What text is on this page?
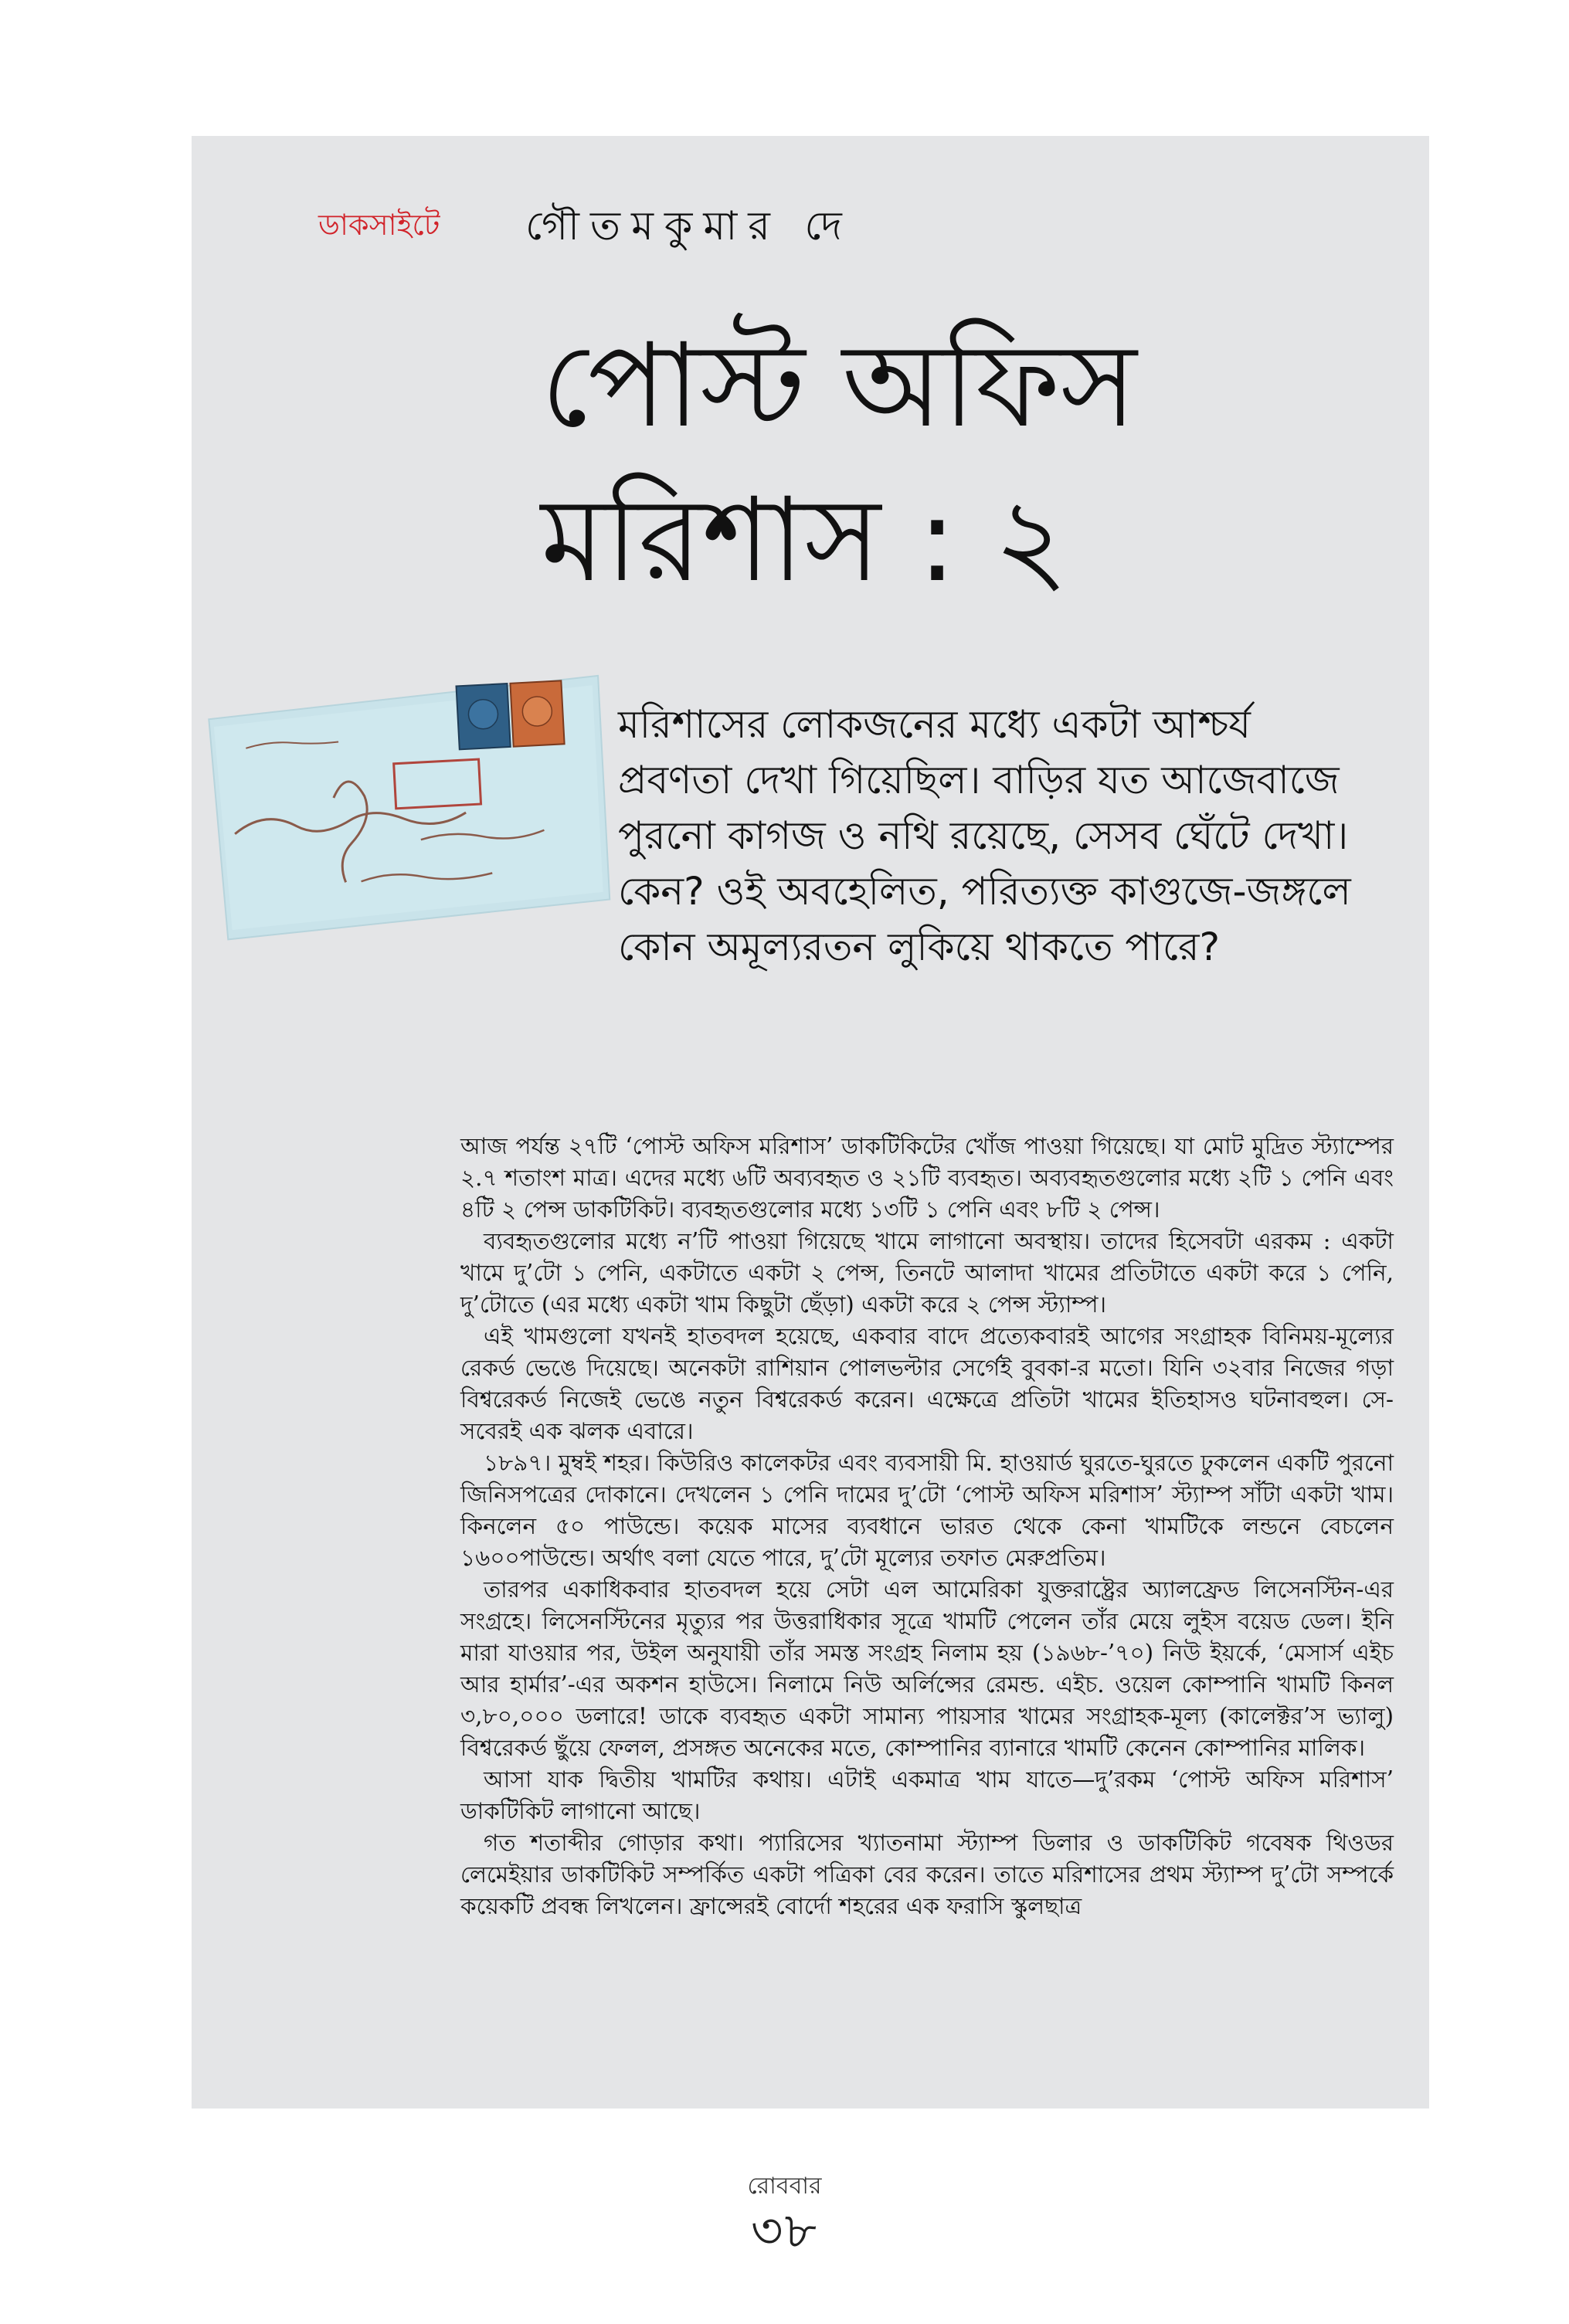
ডাকসাইটে গৌতমকুমার দে
পোস্ট অফিস
মরিশাস : ২
মরিশাসের লোকজনের মধ্যে একটা আশ্চর্য
প্রবণতা দেখা গিয়েছিল। বাড়ির যত আজেবাজে
পুরনো কাগজ ও নথি রয়েছে, সেসব ঘেঁটে দেখা।
কেন? ওই অবহেলিত, পরিত্যক্ত কাগুজে-জঙ্গলে
কোন অমূল্যরতন লুকিয়ে থাকতে পারে?

আজ পর্যন্ত ২৭টি ‘পোস্ট অফিস মরিশাস’ ডাকটিকিটের খোঁজ পাওয়া গিয়েছে। যা মোট মুদ্রিত স্ট্যাম্পের ২.৭ শতাংশ মাত্র। এদের মধ্যে ৬টি অব্যবহৃত ও ২১টি ব্যবহৃত। অব্যবহৃতগুলোর মধ্যে ২টি ১ পেনি এবং ৪টি ২ পেন্স ডাকটিকিট। ব্যবহৃতগুলোর মধ্যে ১৩টি ১ পেনি এবং ৮টি ২ পেন্স।

ব্যবহৃতগুলোর মধ্যে ন’টি পাওয়া গিয়েছে খামে লাগানো অবস্থায়। তাদের হিসেবটা এরকম : একটা খামে দু’টো ১ পেনি, একটাতে একটা ২ পেন্স, তিনটে আলাদা খামের প্রতিটাতে একটা করে ১ পেনি, দু’টোতে (এর মধ্যে একটা খাম কিছুটা ছেঁড়া) একটা করে ২ পেন্স স্ট্যাম্প।

এই খামগুলো যখনই হাতবদল হয়েছে, একবার বাদে প্রত্যেকবারই আগের সংগ্রাহক বিনিময়-মূল্যের রেকর্ড ভেঙে দিয়েছে। অনেকটা রাশিয়ান পোলভল্টার সের্গেই বুবকা-র মতো। যিনি ৩২বার নিজের গড়া বিশ্বরেকর্ড নিজেই ভেঙে নতুন বিশ্বরেকর্ড করেন। এক্ষেত্রে প্রতিটা খামের ইতিহাসও ঘটনাবহুল। সে-সবেরই এক ঝলক এবারে।

১৮৯৭। মুম্বই শহর। কিউরিও কালেকটর এবং ব্যবসায়ী মি. হাওয়ার্ড ঘুরতে-ঘুরতে ঢুকলেন একটি পুরনো জিনিসপত্রের দোকানে। দেখলেন ১ পেনি দামের দু’টো ‘পোস্ট অফিস মরিশাস’ স্ট্যাম্প সাঁটা একটা খাম। কিনলেন ৫০ পাউন্ডে। কয়েক মাসের ব্যবধানে ভারত থেকে কেনা খামটিকে লন্ডনে বেচলেন ১৬০০পাউন্ডে। অর্থাৎ বলা যেতে পারে, দু’টো মূল্যের তফাত মেরুপ্রতিম।

তারপর একাধিকবার হাতবদল হয়ে সেটা এল আমেরিকা যুক্তরাষ্ট্রের অ্যালফ্রেড লিসেনস্টিন-এর সংগ্রহে। লিসেনস্টিনের মৃত্যুর পর উত্তরাধিকার সূত্রে খামটি পেলেন তাঁর মেয়ে লুইস বয়েড ডেল। ইনি মারা যাওয়ার পর, উইল অনুযায়ী তাঁর সমস্ত সংগ্রহ নিলাম হয় (১৯৬৮-’৭০) নিউ ইয়র্কে, ‘মেসার্স এইচ আর হার্মার’-এর অকশন হাউসে। নিলামে নিউ অর্লিন্সের রেমন্ড. এইচ. ওয়েল কোম্পানি খামটি কিনল ৩,৮০,০০০ ডলারে! ডাকে ব্যবহৃত একটা সামান্য পায়সার খামের সংগ্রাহক-মূল্য (কালেক্টর’স ভ্যালু) বিশ্বরেকর্ড ছুঁয়ে ফেলল, প্রসঙ্গত অনেকের মতে, কোম্পানির ব্যানারে খামটি কেনেন কোম্পানির মালিক।

আসা যাক দ্বিতীয় খামটির কথায়। এটাই একমাত্র খাম যাতে—দু’রকম ‘পোস্ট অফিস মরিশাস’ ডাকটিকিট লাগানো আছে।

গত শতাব্দীর গোড়ার কথা। প্যারিসের খ্যাতনামা স্ট্যাম্প ডিলার ও ডাকটিকিট গবেষক থিওডর লেমেইয়ার ডাকটিকিট সম্পর্কিত একটা পত্রিকা বের করেন। তাতে মরিশাসের প্রথম স্ট্যাম্প দু’টো সম্পর্কে কয়েকটি প্রবন্ধ লিখলেন। ফ্রান্সেরই বোর্দো শহরের এক ফরাসি স্কুলছাত্র

রোববার
৩৮
